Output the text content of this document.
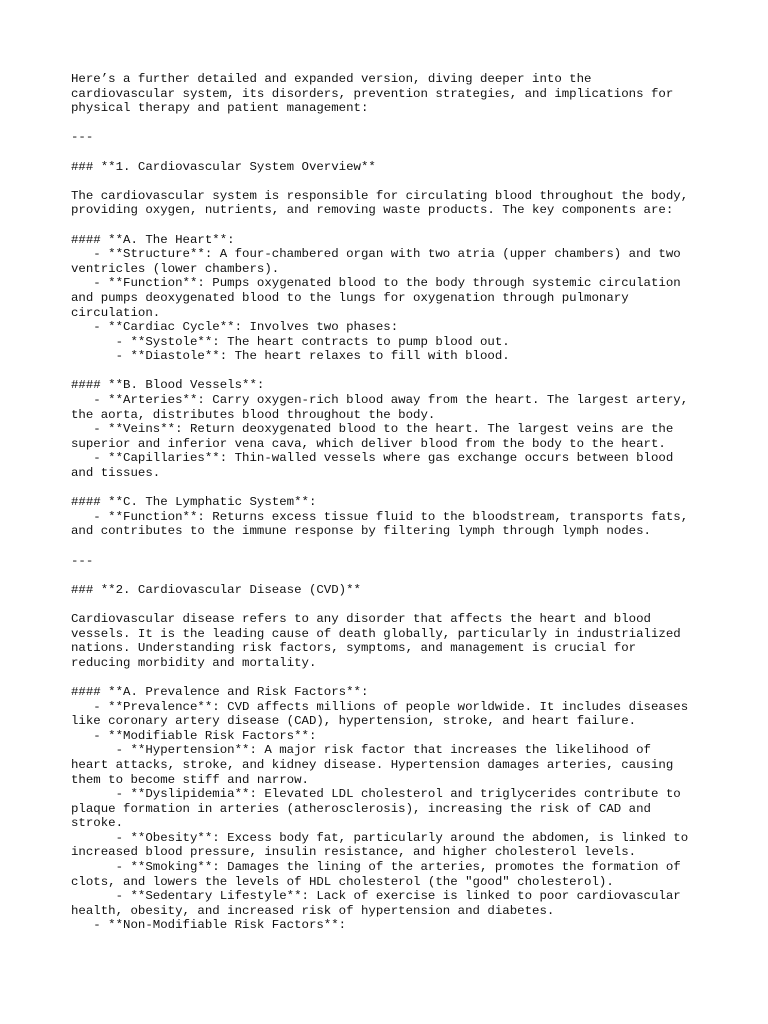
Here’s a further detailed and expanded version, diving deeper into the
cardiovascular system, its disorders, prevention strategies, and implications for
physical therapy and patient management:
---
### **1. Cardiovascular System Overview**
The cardiovascular system is responsible for circulating blood throughout the body,
providing oxygen, nutrients, and removing waste products. The key components are:
#### **A. The Heart**:
- **Structure**: A four-chambered organ with two atria (upper chambers) and two
ventricles (lower chambers).
- **Function**: Pumps oxygenated blood to the body through systemic circulation
and pumps deoxygenated blood to the lungs for oxygenation through pulmonary
circulation.
- **Cardiac Cycle**: Involves two phases:
- **Systole**: The heart contracts to pump blood out.
- **Diastole**: The heart relaxes to fill with blood.
#### **B. Blood Vessels**:
- **Arteries**: Carry oxygen-rich blood away from the heart. The largest artery,
the aorta, distributes blood throughout the body.
- **Veins**: Return deoxygenated blood to the heart. The largest veins are the
superior and inferior vena cava, which deliver blood from the body to the heart.
- **Capillaries**: Thin-walled vessels where gas exchange occurs between blood
and tissues.
#### **C. The Lymphatic System**:
- **Function**: Returns excess tissue fluid to the bloodstream, transports fats,
and contributes to the immune response by filtering lymph through lymph nodes.
---
### **2. Cardiovascular Disease (CVD)**
Cardiovascular disease refers to any disorder that affects the heart and blood
vessels. It is the leading cause of death globally, particularly in industrialized
nations. Understanding risk factors, symptoms, and management is crucial for
reducing morbidity and mortality.
#### **A. Prevalence and Risk Factors**:
- **Prevalence**: CVD affects millions of people worldwide. It includes diseases
like coronary artery disease (CAD), hypertension, stroke, and heart failure.
- **Modifiable Risk Factors**:
- **Hypertension**: A major risk factor that increases the likelihood of
heart attacks, stroke, and kidney disease. Hypertension damages arteries, causing
them to become stiff and narrow.
- **Dyslipidemia**: Elevated LDL cholesterol and triglycerides contribute to
plaque formation in arteries (atherosclerosis), increasing the risk of CAD and
stroke.
- **Obesity**: Excess body fat, particularly around the abdomen, is linked to
increased blood pressure, insulin resistance, and higher cholesterol levels.
- **Smoking**: Damages the lining of the arteries, promotes the formation of
clots, and lowers the levels of HDL cholesterol (the "good" cholesterol).
- **Sedentary Lifestyle**: Lack of exercise is linked to poor cardiovascular
health, obesity, and increased risk of hypertension and diabetes.
- **Non-Modifiable Risk Factors**:
